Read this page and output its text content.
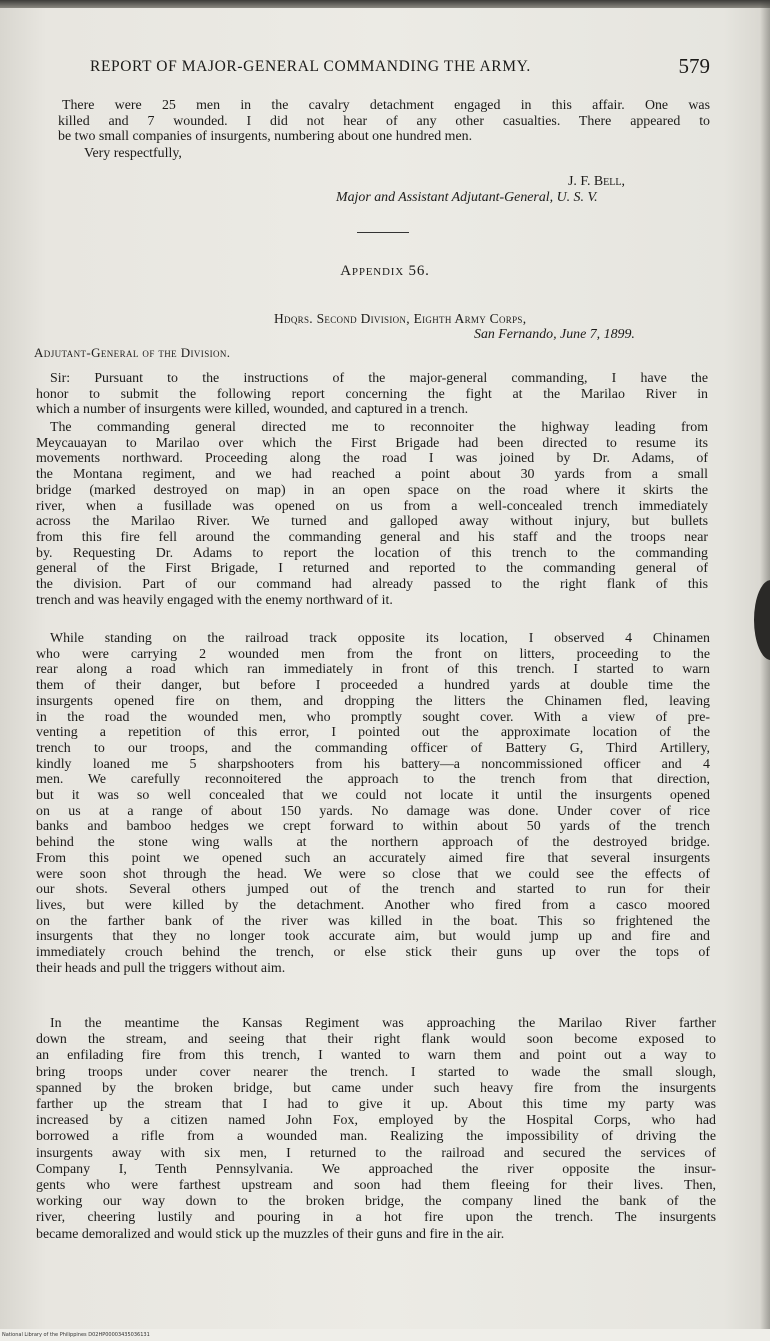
REPORT OF MAJOR-GENERAL COMMANDING THE ARMY.	579
There were 25 men in the cavalry detachment engaged in this affair. One was
killed and 7 wounded. I did not hear of any other casualties. There appeared to
be two small companies of insurgents, numbering about one hundred men.
Very respectfully,
J. F. Bell,
Major and Assistant Adjutant-General, U. S. V.
Appendix 56.
Hdqrs. Second Division, Eighth Army Corps,
San Fernando, June 7, 1899.
Adjutant-General of the Division.
Sir: Pursuant to the instructions of the major-general commanding, I have the
honor to submit the following report concerning the fight at the Marilao River in
which a number of insurgents were killed, wounded, and captured in a trench.
The commanding general directed me to reconnoiter the highway leading from
Meycauayan to Marilao over which the First Brigade had been directed to resume its
movements northward. Proceeding along the road I was joined by Dr. Adams, of
the Montana regiment, and we had reached a point about 30 yards from a small
bridge (marked destroyed on map) in an open space on the road where it skirts the
river, when a fusillade was opened on us from a well-concealed trench immediately
across the Marilao River. We turned and galloped away without injury, but bullets
from this fire fell around the commanding general and his staff and the troops near
by. Requesting Dr. Adams to report the location of this trench to the commanding
general of the First Brigade, I returned and reported to the commanding general of
the division. Part of our command had already passed to the right flank of this
trench and was heavily engaged with the enemy northward of it.
While standing on the railroad track opposite its location, I observed 4 Chinamen
who were carrying 2 wounded men from the front on litters, proceeding to the
rear along a road which ran immediately in front of this trench. I started to warn
them of their danger, but before I proceeded a hundred yards at double time the
insurgents opened fire on them, and dropping the litters the Chinamen fled, leaving
in the road the wounded men, who promptly sought cover. With a view of pre-
venting a repetition of this error, I pointed out the approximate location of the
trench to our troops, and the commanding officer of Battery G, Third Artillery,
kindly loaned me 5 sharpshooters from his battery—a noncommissioned officer and 4
men. We carefully reconnoitered the approach to the trench from that direction,
but it was so well concealed that we could not locate it until the insurgents opened
on us at a range of about 150 yards. No damage was done. Under cover of rice
banks and bamboo hedges we crept forward to within about 50 yards of the trench
behind the stone wing walls at the northern approach of the destroyed bridge.
From this point we opened such an accurately aimed fire that several insurgents
were soon shot through the head. We were so close that we could see the effects of
our shots. Several others jumped out of the trench and started to run for their
lives, but were killed by the detachment. Another who fired from a casco moored
on the farther bank of the river was killed in the boat. This so frightened the
insurgents that they no longer took accurate aim, but would jump up and fire and
immediately crouch behind the trench, or else stick their guns up over the tops of
their heads and pull the triggers without aim.
In the meantime the Kansas Regiment was approaching the Marilao River farther
down the stream, and seeing that their right flank would soon become exposed to
an enfilading fire from this trench, I wanted to warn them and point out a way to
bring troops under cover nearer the trench. I started to wade the small slough,
spanned by the broken bridge, but came under such heavy fire from the insurgents
farther up the stream that I had to give it up. About this time my party was
increased by a citizen named John Fox, employed by the Hospital Corps, who had
borrowed a rifle from a wounded man. Realizing the impossibility of driving the
insurgents away with six men, I returned to the railroad and secured the services of
Company I, Tenth Pennsylvania. We approached the river opposite the insur-
gents who were farthest upstream and soon had them fleeing for their lives. Then,
working our way down to the broken bridge, the company lined the bank of the
river, cheering lustily and pouring in a hot fire upon the trench. The insurgents
became demoralized and would stick up the muzzles of their guns and fire in the air.
National Library of the Philippines D02HP00003435036131
